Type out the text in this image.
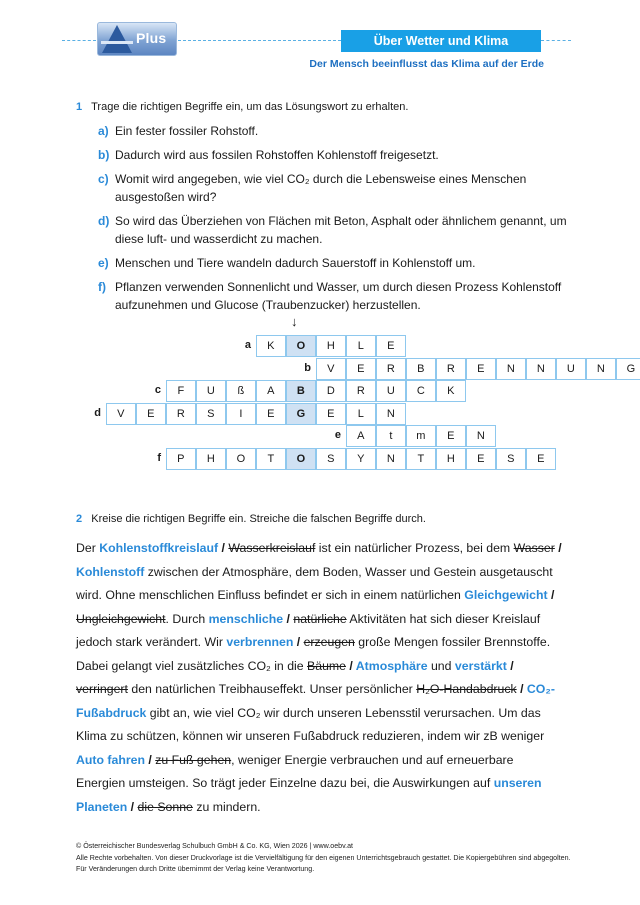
Plus	Über Wetter und Klima
Der Mensch beeinflusst das Klima auf der Erde
1 Trage die richtigen Begriffe ein, um das Lösungswort zu erhalten.
a) Ein fester fossiler Rohstoff.
b) Dadurch wird aus fossilen Rohstoffen Kohlenstoff freigesetzt.
c) Womit wird angegeben, wie viel CO₂ durch die Lebensweise eines Menschen ausgestoßen wird?
d) So wird das Überziehen von Flächen mit Beton, Asphalt oder ähnlichem genannt, um diese luft- und wasserdicht zu machen.
e) Menschen und Tiere wandeln dadurch Sauerstoff in Kohlenstoff um.
f) Pflanzen verwenden Sonnenlicht und Wasser, um durch diesen Prozess Kohlenstoff aufzunehmen und Glucose (Traubenzucker) herzustellen.
↓
a	K	O	H	L	E
b	V	E	R	B	R	E	N	N	U	N	G
c	F	U	ß	A	B	D	R	U	C	K
d	V	E	R	S	I	E	G	E	L	N
e	A	t	m	E	N
f	P	H	O	T	O	S	Y	N	T	H	E	S	E
2 Kreise die richtigen Begriffe ein. Streiche die falschen Begriffe durch.
Der Kohlenstoffkreislauf / Wasserkreislauf ist ein natürlicher Prozess, bei dem Wasser / Kohlenstoff zwischen der Atmosphäre, dem Boden, Wasser und Gestein ausgetauscht wird. Ohne menschlichen Einfluss befindet er sich in einem natürlichen Gleichgewicht / Ungleichgewicht. Durch menschliche / natürliche Aktivitäten hat sich dieser Kreislauf jedoch stark verändert. Wir verbrennen / erzeugen große Mengen fossiler Brennstoffe. Dabei gelangt viel zusätzliches CO₂ in die Bäume / Atmosphäre und verstärkt / verringert den natürlichen Treibhauseffekt. Unser persönlicher H₂O-Handabdruck / CO₂-Fußabdruck gibt an, wie viel CO₂ wir durch unseren Lebensstil verursachen. Um das Klima zu schützen, können wir unseren Fußabdruck reduzieren, indem wir zB weniger Auto fahren / zu Fuß gehen, weniger Energie verbrauchen und auf erneuerbare Energien umsteigen. So trägt jeder Einzelne dazu bei, die Auswirkungen auf unseren Planeten / die Sonne zu mindern.
© Österreichischer Bundesverlag Schulbuch GmbH & Co. KG, Wien 2026 | www.oebv.at
Alle Rechte vorbehalten. Von dieser Druckvorlage ist die Vervielfältigung für den eigenen Unterrichtsgebrauch gestattet. Die Kopiergebühren sind abgegolten.
Für Veränderungen durch Dritte übernimmt der Verlag keine Verantwortung.
